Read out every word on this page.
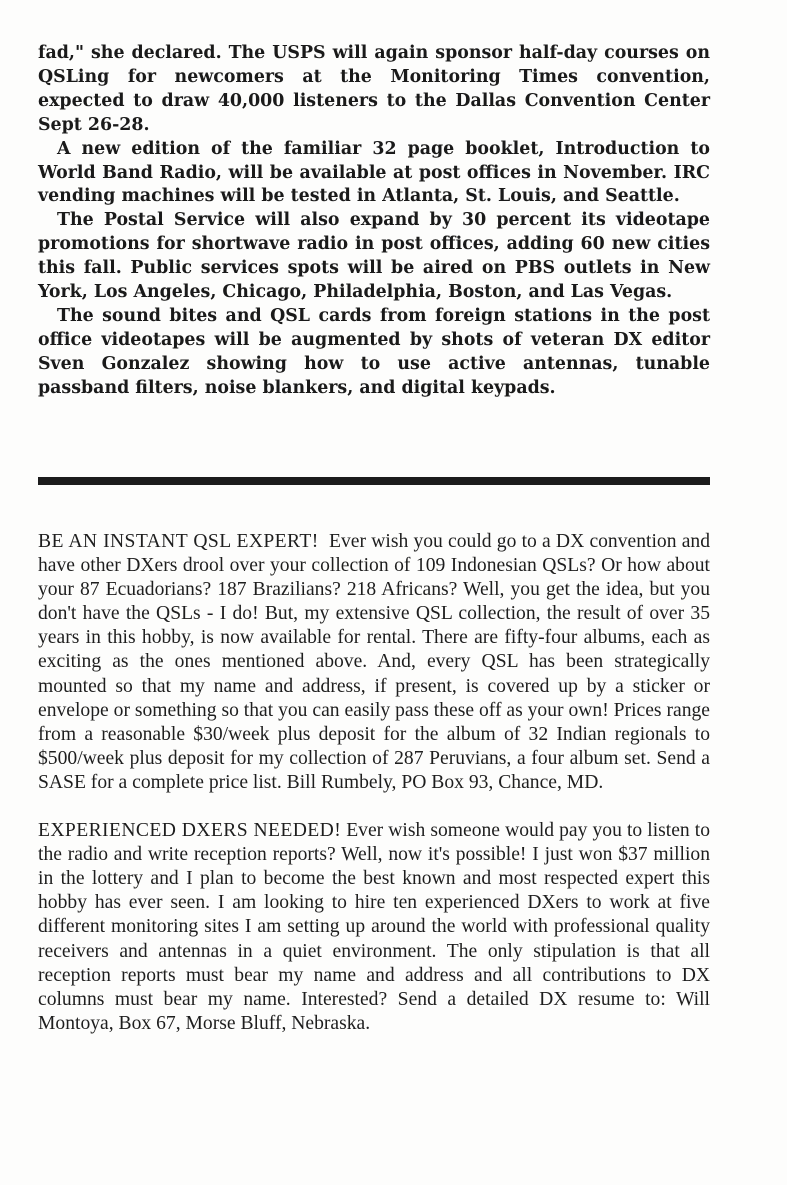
fad," she declared. The USPS will again sponsor half-day courses on QSLing for newcomers at the Monitoring Times convention, expected to draw 40,000 listeners to the Dallas Convention Center Sept 26-28.

A new edition of the familiar 32 page booklet, Introduction to World Band Radio, will be available at post offices in November. IRC vending machines will be tested in Atlanta, St. Louis, and Seattle.

The Postal Service will also expand by 30 percent its videotape promotions for shortwave radio in post offices, adding 60 new cities this fall. Public services spots will be aired on PBS outlets in New York, Los Angeles, Chicago, Philadelphia, Boston, and Las Vegas.

The sound bites and QSL cards from foreign stations in the post office videotapes will be augmented by shots of veteran DX editor Sven Gonzalez showing how to use active antennas, tunable passband filters, noise blankers, and digital keypads.

BE AN INSTANT QSL EXPERT! Ever wish you could go to a DX convention and have other DXers drool over your collection of 109 Indonesian QSLs? Or how about your 87 Ecuadorians? 187 Brazilians? 218 Africans? Well, you get the idea, but you don't have the QSLs - I do! But, my extensive QSL collection, the result of over 35 years in this hobby, is now available for rental. There are fifty-four albums, each as exciting as the ones mentioned above. And, every QSL has been strategically mounted so that my name and address, if present, is covered up by a sticker or envelope or something so that you can easily pass these off as your own! Prices range from a reasonable $30/week plus deposit for the album of 32 Indian regionals to $500/week plus deposit for my collection of 287 Peruvians, a four album set. Send a SASE for a complete price list. Bill Rumbely, PO Box 93, Chance, MD.

EXPERIENCED DXERS NEEDED! Ever wish someone would pay you to listen to the radio and write reception reports? Well, now it's possible! I just won $37 million in the lottery and I plan to become the best known and most respected expert this hobby has ever seen. I am looking to hire ten experienced DXers to work at five different monitoring sites I am setting up around the world with professional quality receivers and antennas in a quiet environment. The only stipulation is that all reception reports must bear my name and address and all contributions to DX columns must bear my name. Interested? Send a detailed DX resume to: Will Montoya, Box 67, Morse Bluff, Nebraska.
